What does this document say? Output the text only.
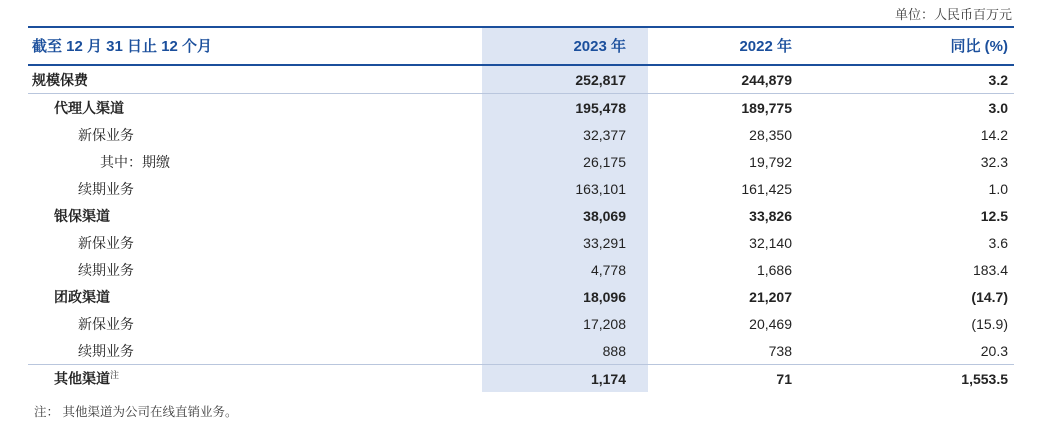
单位：人民币百万元
截至 12 月 31 日止 12 个月	2023 年	2022 年	同比 (%)
规模保费	252,817	244,879	3.2
代理人渠道	195,478	189,775	3.0
新保业务	32,377	28,350	14.2
其中：期缴	26,175	19,792	32.3
续期业务	163,101	161,425	1.0
银保渠道	38,069	33,826	12.5
新保业务	33,291	32,140	3.6
续期业务	4,778	1,686	183.4
团政渠道	18,096	21,207	(14.7)
新保业务	17,208	20,469	(15.9)
续期业务	888	738	20.3
其他渠道$^注$	1,174	71	1,553.5
注： 其他渠道为公司在线直销业务。
